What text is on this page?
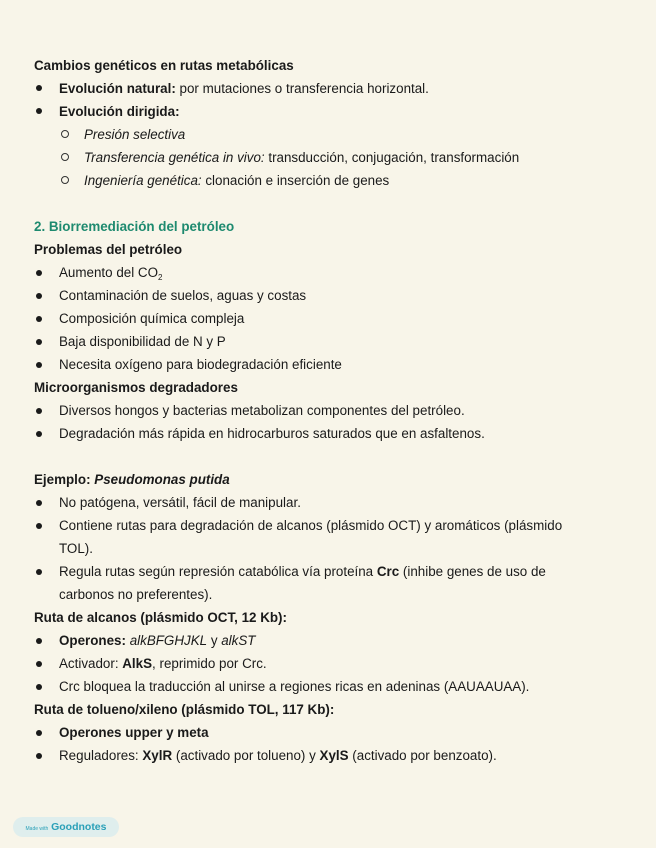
Cambios genéticos en rutas metabólicas
Evolución natural: por mutaciones o transferencia horizontal.
Evolución dirigida:
Presión selectiva
Transferencia genética in vivo: transducción, conjugación, transformación
Ingeniería genética: clonación e inserción de genes
2. Biorremediación del petróleo
Problemas del petróleo
Aumento del $CO_2$
Contaminación de suelos, aguas y costas
Composición química compleja
Baja disponibilidad de N y P
Necesita oxígeno para biodegradación eficiente
Microorganismos degradadores
Diversos hongos y bacterias metabolizan componentes del petróleo.
Degradación más rápida en hidrocarburos saturados que en asfaltenos.
Ejemplo: Pseudomonas putida
No patógena, versátil, fácil de manipular.
Contiene rutas para degradación de alcanos (plásmido OCT) y aromáticos (plásmido
TOL).
Regula rutas según represión catabólica vía proteína Crc (inhibe genes de uso de
carbonos no preferentes).
Ruta de alcanos (plásmido OCT, 12 Kb):
Operones: alkBFGHJKL y alkST
Activador: AlkS, reprimido por Crc.
Crc bloquea la traducción al unirse a regiones ricas en adeninas (AAUAAUAA).
Ruta de tolueno/xileno (plásmido TOL, 117 Kb):
Operones upper y meta
Reguladores: XylR (activado por tolueno) y XylS (activado por benzoato).
Made with Goodnotes
